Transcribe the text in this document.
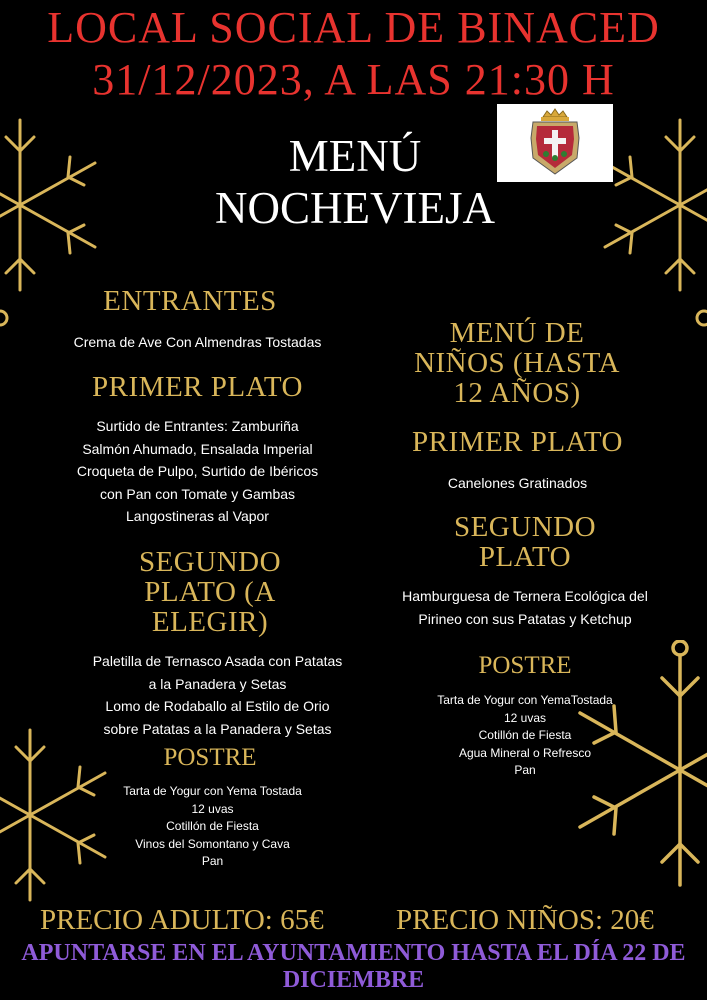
LOCAL SOCIAL DE BINACED
31/12/2023, A LAS 21:30 H
MENÚ
NOCHEVIEJA
ENTRANTES
Crema de Ave Con Almendras Tostadas
PRIMER PLATO
Surtido de Entrantes: Zamburiña
Salmón Ahumado, Ensalada Imperial
Croqueta de Pulpo, Surtido de Ibéricos
con Pan con Tomate y Gambas
Langostineras al Vapor
SEGUNDO
PLATO (A
ELEGIR)
Paletilla de Ternasco Asada con Patatas
a la Panadera y Setas
Lomo de Rodaballo al Estilo de Orio
sobre Patatas a la Panadera y Setas
POSTRE
Tarta de Yogur con Yema Tostada
12 uvas
Cotillón de Fiesta
Vinos del Somontano y Cava
Pan
MENÚ DE
NIÑOS (HASTA
12 AÑOS)
PRIMER PLATO
Canelones Gratinados
SEGUNDO
PLATO
Hamburguesa de Ternera Ecológica del
Pirineo con sus Patatas y Ketchup
POSTRE
Tarta de Yogur con YemaTostada
12 uvas
Cotillón de Fiesta
Agua Mineral o Refresco
Pan
PRECIO ADULTO: 65€ PRECIO NIÑOS: 20€
APUNTARSE EN EL AYUNTAMIENTO HASTA EL DÍA 22 DE
DICIEMBRE
